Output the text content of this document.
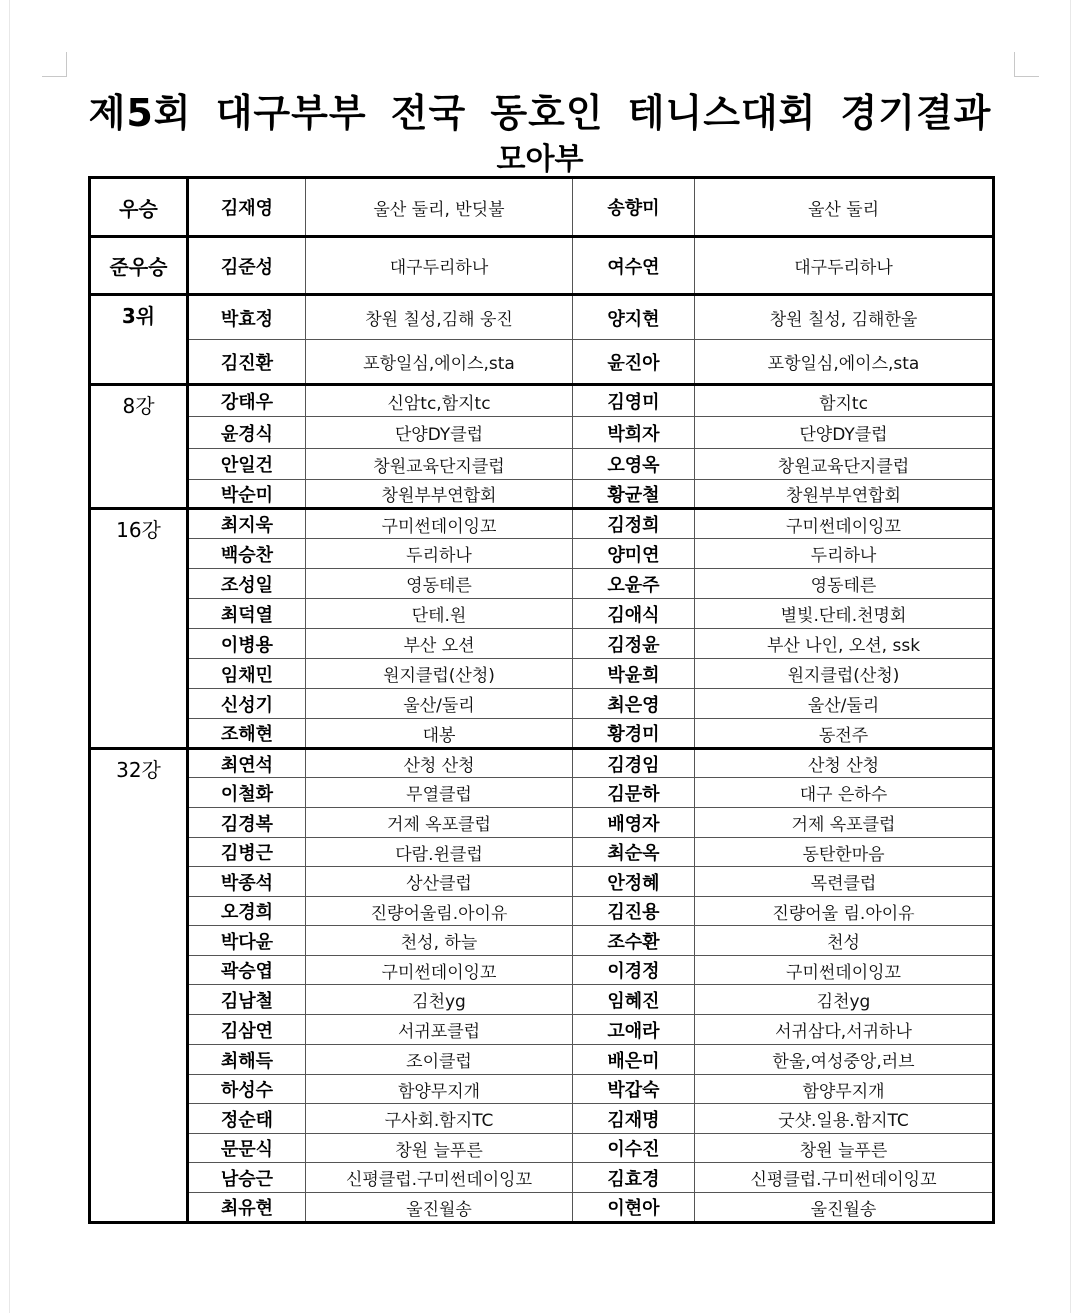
제5회 대구부부 전국 동호인 테니스대회 경기결과
모아부
우승	김재영	울산 둘리, 반딧불	송향미	울산 둘리
준우승	김준성	대구두리하나	여수연	대구두리하나
3위	박효정	창원 칠성,김해 웅진	양지현	창원 칠성, 김해한울
	김진환	포항일심,에이스,sta	윤진아	포항일심,에이스,sta
8강	강태우	신암tc,함지tc	김영미	함지tc
	윤경식	단양DY클럽	박희자	단양DY클럽
	안일건	창원교육단지클럽	오영옥	창원교육단지클럽
	박순미	창원부부연합회	황균철	창원부부연합회
16강	최지욱	구미썬데이잉꼬	김정희	구미썬데이잉꼬
	백승찬	두리하나	양미연	두리하나
	조성일	영동테른	오윤주	영동테른
	최덕열	단테.원	김애식	별빛.단테.천명회
	이병용	부산 오션	김정윤	부산 나인, 오션, ssk
	임채민	원지클럽(산청)	박윤희	원지클럽(산청)
	신성기	울산/둘리	최은영	울산/둘리
	조해현	대봉	황경미	동전주
32강	최연석	산청 산청	김경임	산청 산청
	이철화	무열클럽	김문하	대구 은하수
	김경복	거제 옥포클럽	배영자	거제 옥포클럽
	김병근	다람.윈클럽	최순옥	동탄한마음
	박종석	상산클럽	안정혜	목련클럽
	오경희	진량어울림.아이유	김진용	진량어울 림.아이유
	박다윤	천성, 하늘	조수환	천성
	곽승엽	구미썬데이잉꼬	이경정	구미썬데이잉꼬
	김남철	김천yg	임혜진	김천yg
	김삼연	서귀포클럽	고애라	서귀삼다,서귀하나
	최해득	조이클럽	배은미	한울,여성중앙,러브
	하성수	함양무지개	박갑숙	함양무지개
	정순태	구사회.함지TC	김재명	굿샷.일용.함지TC
	문문식	창원 늘푸른	이수진	창원 늘푸른
	남승근	신평클럽.구미썬데이잉꼬	김효경	신평클럽.구미썬데이잉꼬
	최유현	울진월송	이현아	울진월송
